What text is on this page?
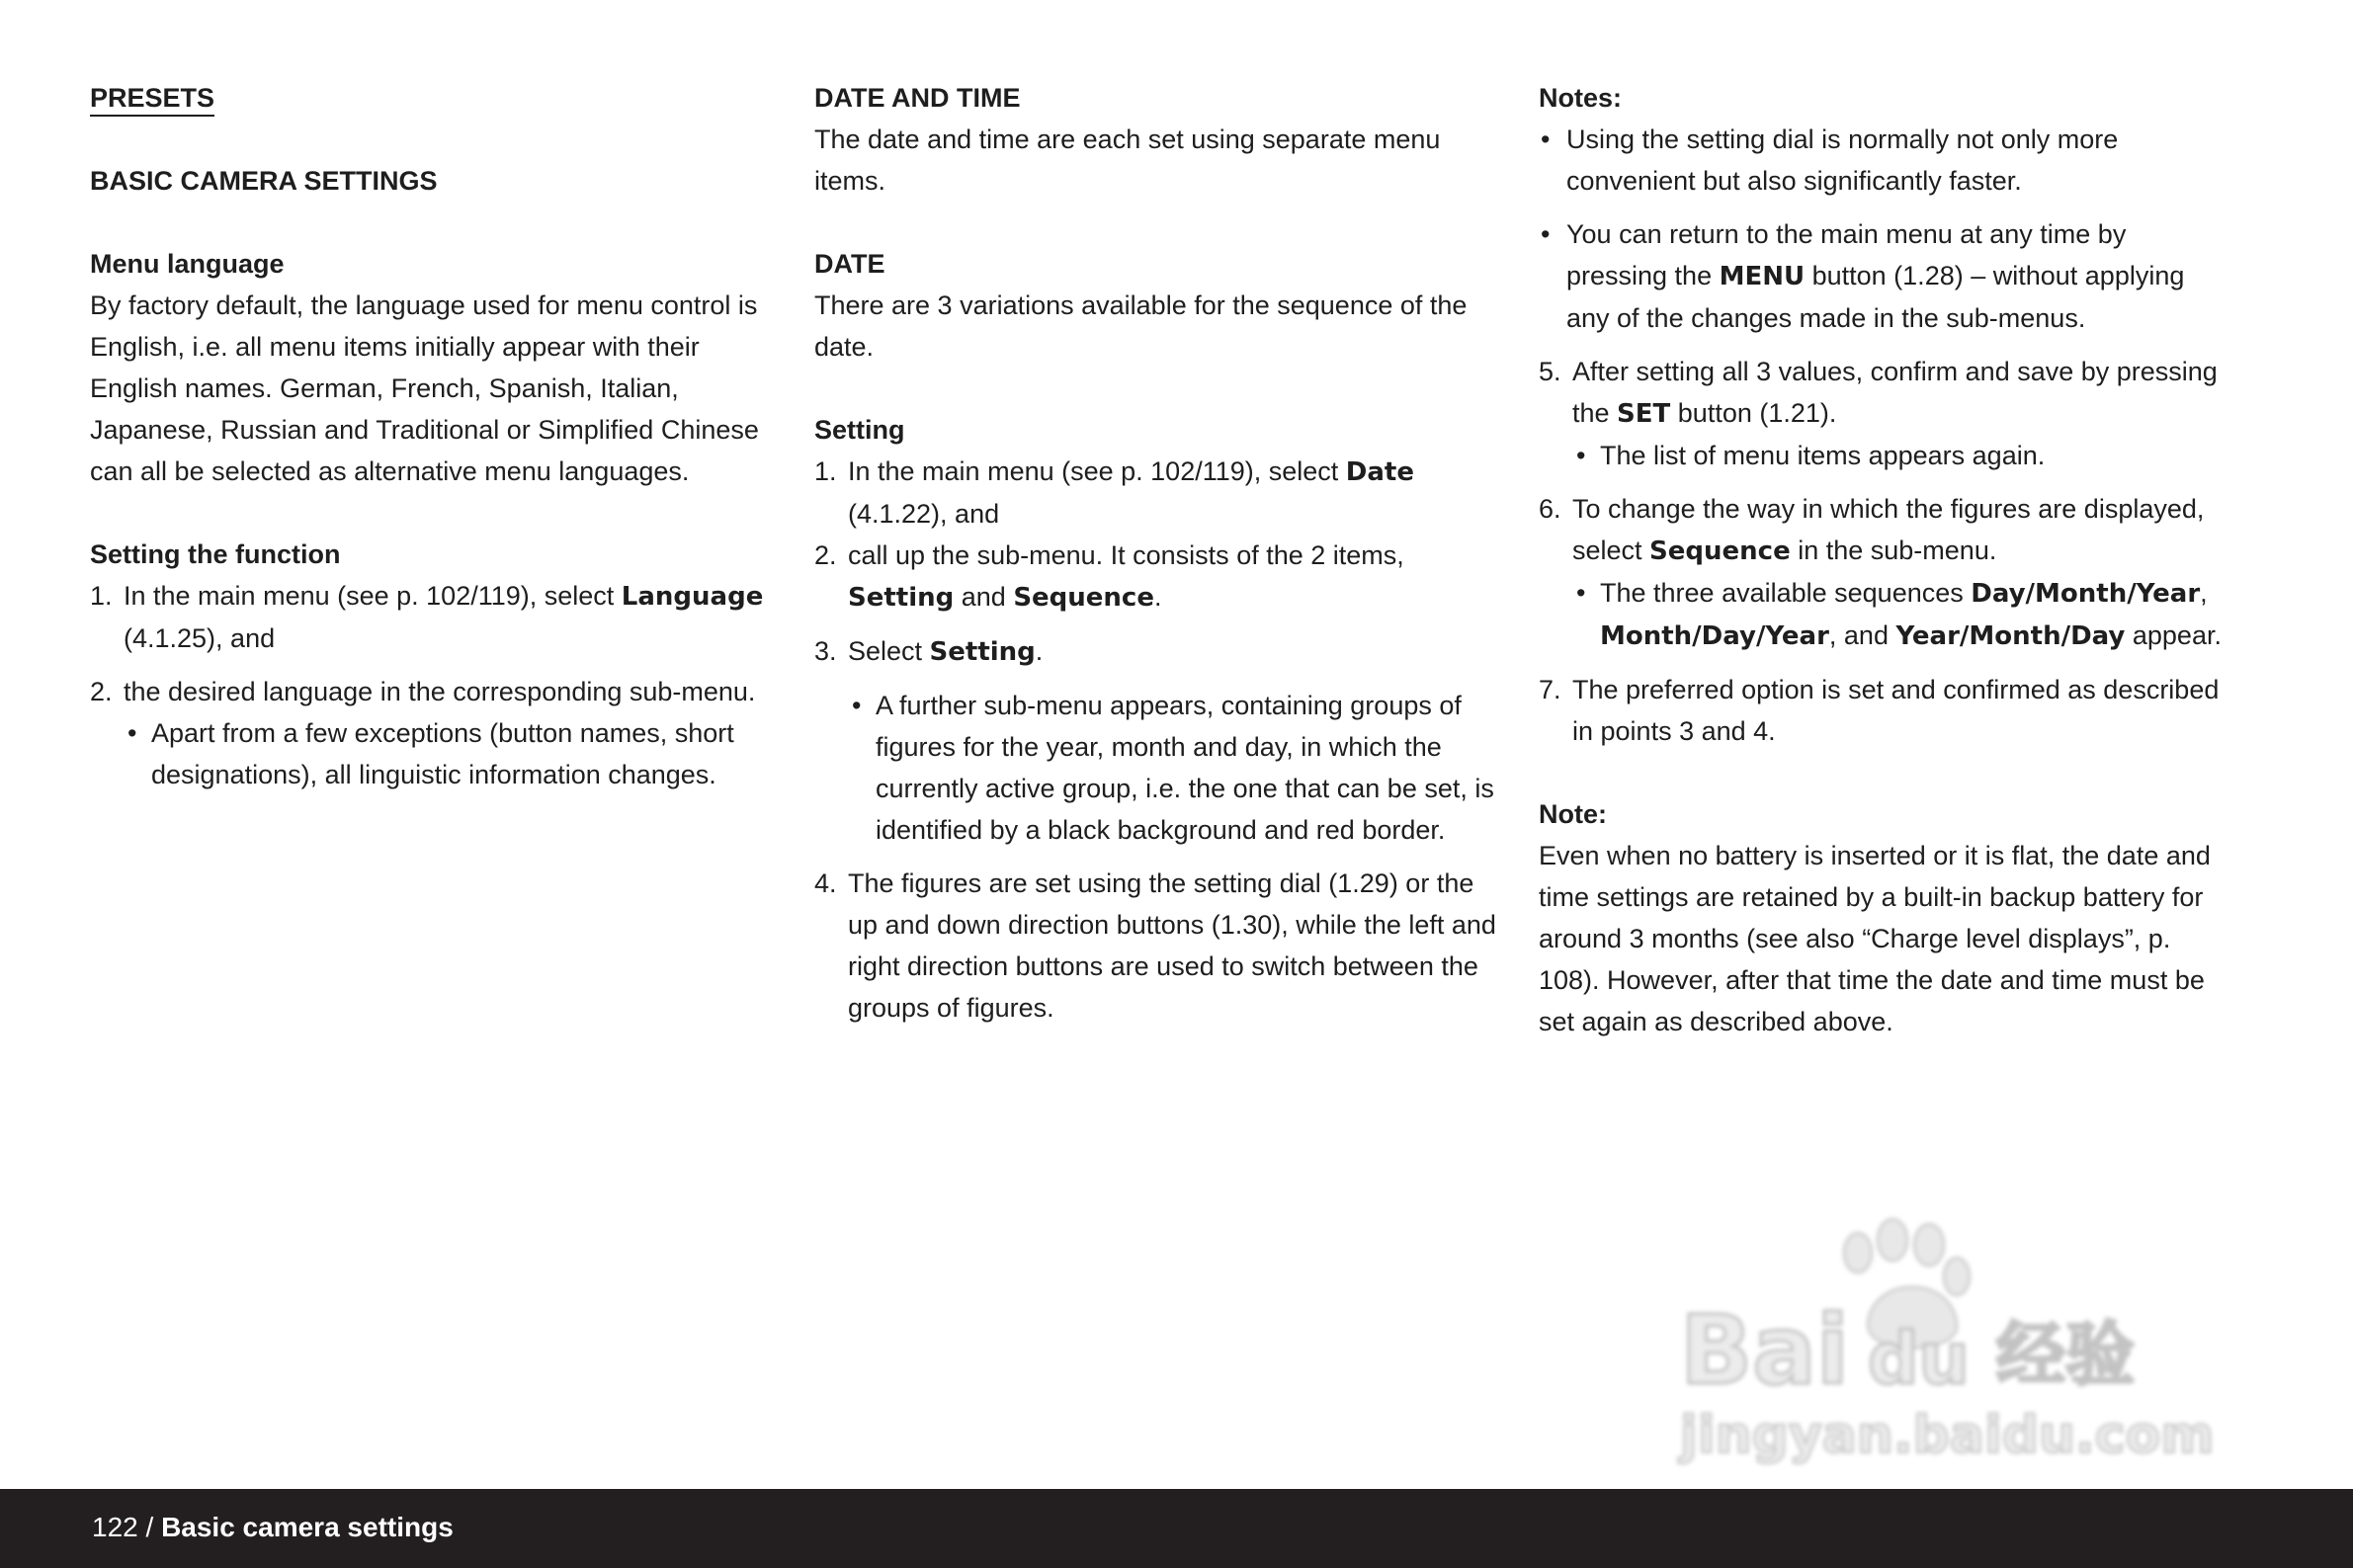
PRESETS
BASIC CAMERA SETTINGS
Menu language

By factory default, the language used for menu control is English, i.e. all menu items initially appear with their English names. German, French, Spanish, Italian, Japanese, Russian and Traditional or Simplified Chinese can all be selected as alternative menu languages.

Setting the function
1. In the main menu (see p. 102/119), select Language (4.1.25), and
2. the desired language in the corresponding sub-menu.
• Apart from a few exceptions (button names, short designations), all linguistic information changes.
DATE AND TIME

The date and time are each set using separate menu items.

DATE

There are 3 variations available for the sequence of the date.

Setting
1. In the main menu (see p. 102/119), select Date (4.1.22), and
2. call up the sub-menu. It consists of the 2 items, Setting and Sequence.
3. Select Setting.
• A further sub-menu appears, containing groups of figures for the year, month and day, in which the currently active group, i.e. the one that can be set, is identified by a black background and red border.
4. The figures are set using the setting dial (1.29) or the up and down direction buttons (1.30), while the left and right direction buttons are used to switch between the groups of figures.
Notes:
• Using the setting dial is normally not only more convenient but also significantly faster.
• You can return to the main menu at any time by pressing the MENU button (1.28) – without applying any of the changes made in the sub-menus.
5. After setting all 3 values, confirm and save by pressing the SET button (1.21).
• The list of menu items appears again.
6. To change the way in which the figures are displayed, select Sequence in the sub-menu.
• The three available sequences Day/Month/Year, Month/Day/Year, and Year/Month/Day appear.
7. The preferred option is set and confirmed as described in points 3 and 4.
Note:

Even when no battery is inserted or it is flat, the date and time settings are retained by a built-in backup battery for around 3 months (see also “Charge level displays”, p. 108). However, after that time the date and time must be set again as described above.

Bai du 经验
jingyan.baidu.com
122 / Basic camera settings
